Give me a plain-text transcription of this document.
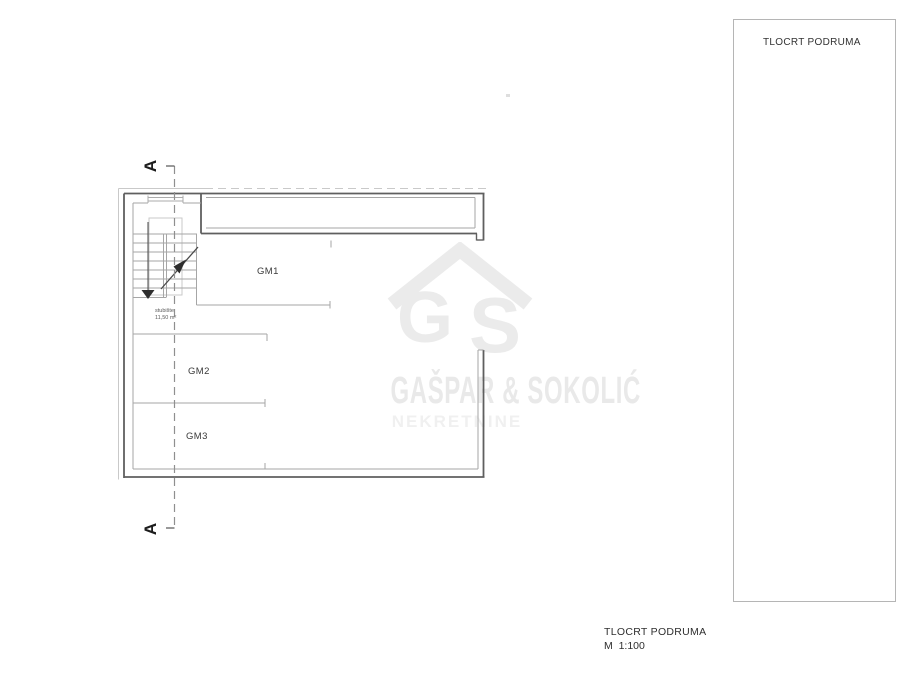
G S
GAŠPAR & SOKOLIĆ
NEKRETNINE
A
A
GM1
GM2
GM3
stubište
11,50 m²
TLOCRT PODRUMA
TLOCRT PODRUMA
M  1:100
